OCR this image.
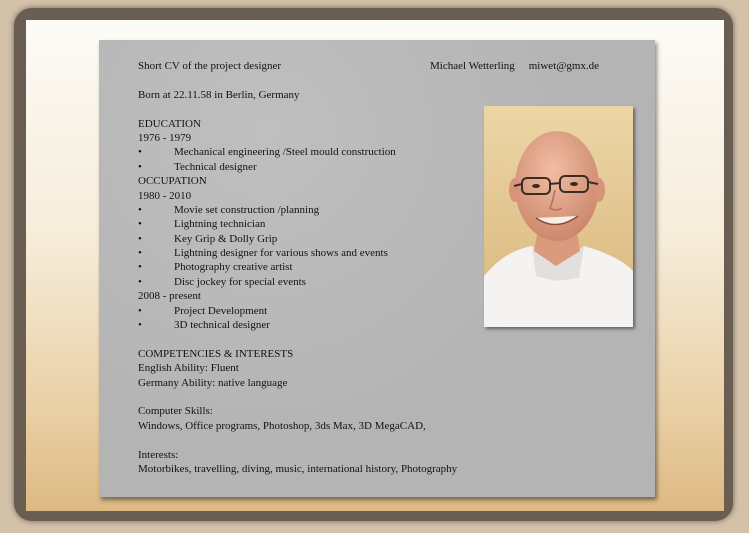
Michael Wetterling miwet@gmx.de
Short CV of the project designer
Born at 22.11.58 in Berlin, Germany
EDUCATION
1976 - 1979
•	Mechanical engineering /Steel mould construction
•	Technical designer
OCCUPATION
1980 - 2010
•	Movie set construction /planning
•	Lightning technician
•	Key Grip & Dolly Grip
•	Lightning designer for various shows and events
•	Photography creative artist
•	Disc jockey for special events
2008 - present
•	Project Development
•	3D technical designer
COMPETENCIES & INTERESTS
English Ability: Fluent
Germany Ability: native language
Computer Skills:
Windows, Office programs, Photoshop, 3ds Max, 3D MegaCAD,
Interests:
Motorbikes, travelling, diving, music, international history, Photography
